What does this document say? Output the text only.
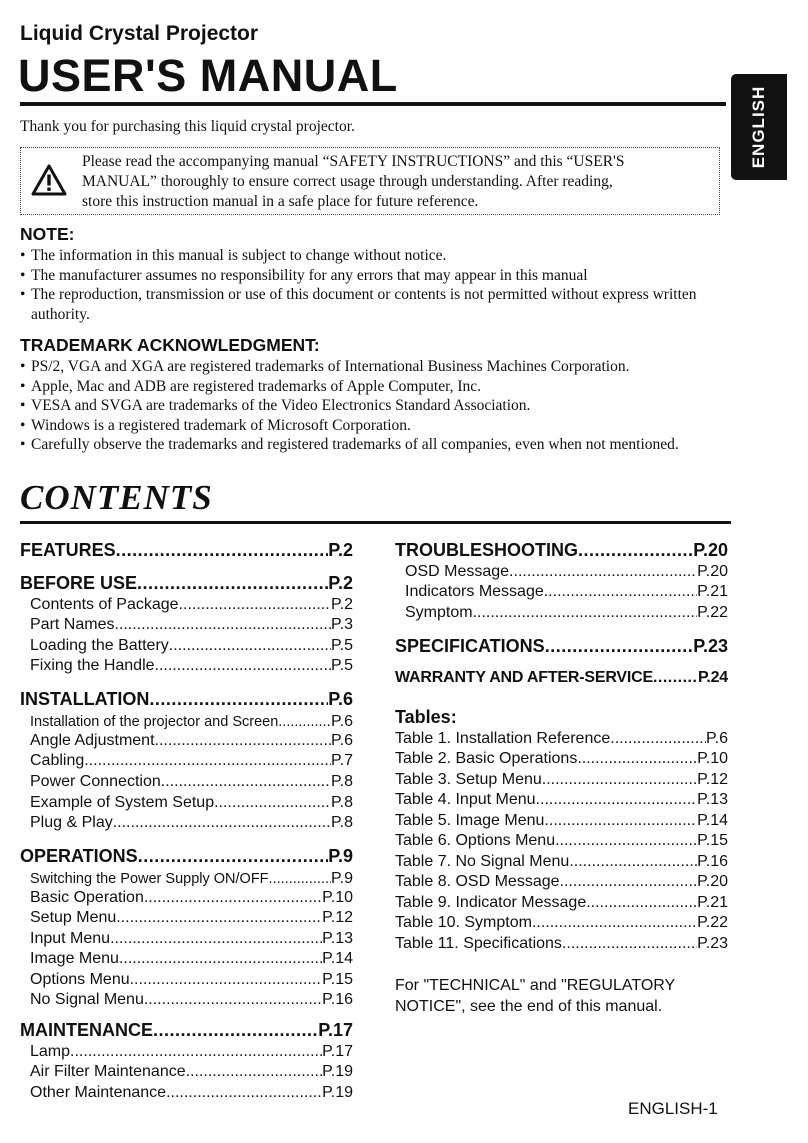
Liquid Crystal Projector
USER'S MANUAL
ENGLISH
Thank you for purchasing this liquid crystal projector.
Please read the accompanying manual “SAFETY INSTRUCTIONS” and this “USER'S
MANUAL” thoroughly to ensure correct usage through understanding. After reading,
store this instruction manual in a safe place for future reference.
NOTE:
• The information in this manual is subject to change without notice.
• The manufacturer assumes no responsibility for any errors that may appear in this manual
• The reproduction, transmission or use of this document or contents is not permitted without express written authority.
TRADEMARK ACKNOWLEDGMENT:
• PS/2, VGA and XGA are registered trademarks of International Business Machines Corporation.
• Apple, Mac and ADB are registered trademarks of Apple Computer, Inc.
• VESA and SVGA are trademarks of the Video Electronics Standard Association.
• Windows is a registered trademark of Microsoft Corporation.
• Carefully observe the trademarks and registered trademarks of all companies, even when not mentioned.
CONTENTS
FEATURES .....	P.2
BEFORE USE .....	P.2
Contents of Package .....	P.2
Part Names .....	P.3
Loading the Battery .....	P.5
Fixing the Handle .....	P.5
INSTALLATION .....	P.6
Installation of the projector and Screen .....	P.6
Angle Adjustment .....	P.6
Cabling .....	P.7
Power Connection .....	P.8
Example of System Setup .....	P.8
Plug & Play .....	P.8
OPERATIONS .....	P.9
Switching the Power Supply ON/OFF .....	P.9
Basic Operation .....	P.10
Setup Menu .....	P.12
Input Menu .....	P.13
Image Menu .....	P.14
Options Menu .....	P.15
No Signal Menu .....	P.16
MAINTENANCE .....	P.17
Lamp .....	P.17
Air Filter Maintenance .....	P.19
Other Maintenance .....	P.19
TROUBLESHOOTING .....	P.20
OSD Message .....	P.20
Indicators Message .....	P.21
Symptom .....	P.22
SPECIFICATIONS .....	P.23
WARRANTY AND AFTER-SERVICE .....	P.24
Tables:
Table 1. Installation Reference .....	P.6
Table 2. Basic Operations .....	P.10
Table 3. Setup Menu .....	P.12
Table 4. Input Menu .....	P.13
Table 5. Image Menu .....	P.14
Table 6. Options Menu .....	P.15
Table 7. No Signal Menu .....	P.16
Table 8. OSD Message .....	P.20
Table 9. Indicator Message .....	P.21
Table 10. Symptom .....	P.22
Table 11. Specifications .....	P.23
For "TECHNICAL" and "REGULATORY
NOTICE", see the end of this manual.
ENGLISH-1
